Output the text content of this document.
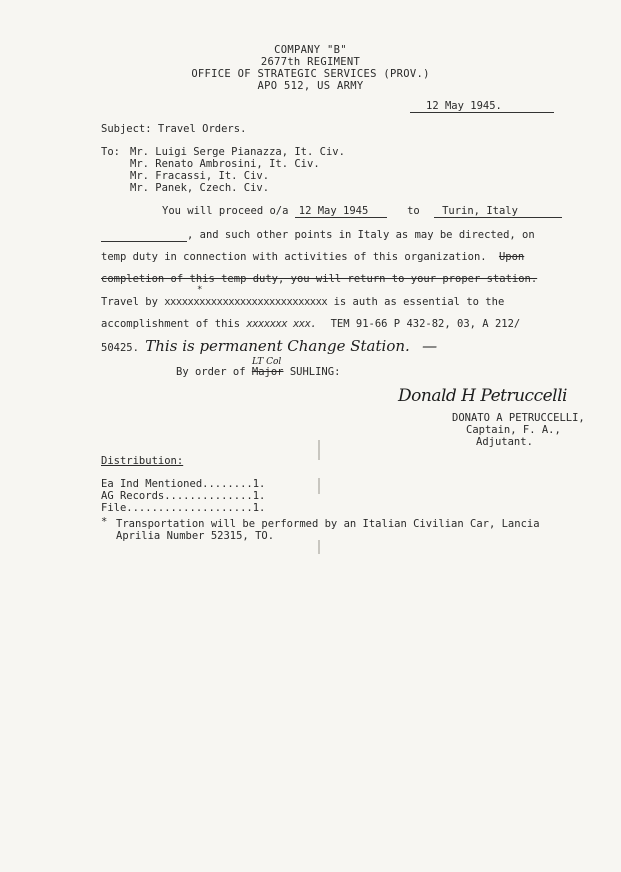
COMPANY "B"
2677th REGIMENT
OFFICE OF STRATEGIC SERVICES (PROV.)
APO 512, US ARMY
12 May 1945.
Subject: Travel Orders.
To: Mr. Luigi Serge Pianazza, It. Civ.
Mr. Renato Ambrosini, It. Civ.
Mr. Fracassi, It. Civ.
Mr. Panek, Czech. Civ.
You will proceed o/a 12 May 1945	to Turin, Italy
, and such other points in Italy as may be directed, on
temp duty in connection with activities of this organization. Upon
completion of this temp duty, you will return to your proper station.
*
Travel by xxxxxxxxxxxxxxxxxxxxxxxxxxxx is auth as essential to the
accomplishment of this xxxxxxx xxx. TEM 91-66 P 432-82, 03, A 212/
50425. This is permanent Change Station. —
LT Col
By order of Major SUHLING:
Donald H Petruccelli
DONATO A PETRUCCELLI,
Captain, F. A.,
Adjutant.
Distribution:
Ea Ind Mentioned........1.
AG Records..............1.
File....................1.
* Transportation will be performed by an Italian Civilian Car, Lancia
Aprilia Number 52315, TO.
